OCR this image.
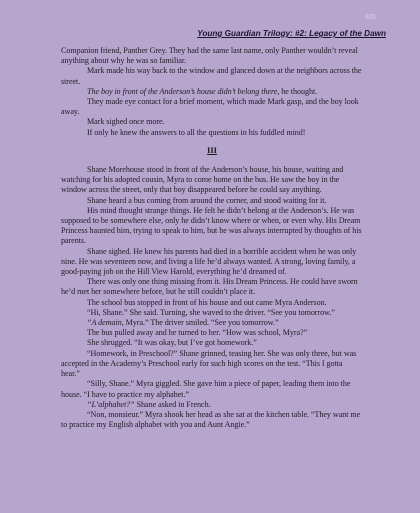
305
Young Guardian Trilogy: #2: Legacy of the Dawn

Companion friend, Panther Grey. They had the same last name, only Panther wouldn’t reveal anything about why he was so familiar.

Mark made his way back to the window and glanced down at the neighbors across the street.

The boy in front of the Anderson’s house didn’t belong there, he thought.

They made eye contact for a brief moment, which made Mark gasp, and the boy look away.

Mark sighed once more.

If only he knew the answers to all the questions in his fuddled mind!

III

Shane Morehouse stood in front of the Anderson’s house, his house, waiting and watching for his adopted cousin, Myra to come home on the bus. He saw the boy in the window across the street, only that boy disappeared before he could say anything.

Shane heard a bus coming from around the corner, and stood waiting for it.

His mind thought strange things. He felt he didn’t belong at the Anderson’s. He was supposed to be somewhere else, only he didn’t know where or when, or even why. His Dream Princess haunted him, trying to speak to him, but he was always interrupted by thoughts of his parents.

Shane sighed. He knew his parents had died in a horrible accident when he was only nine. He was seventeen now, and living a life he’d always wanted. A strong, loving family, a good-paying job on the Hill View Harold, everything he’d dreamed of.

There was only one thing missing from it. His Dream Princess. He could have sworn he’d met her somewhere before, but he still couldn’t place it.

The school bus stopped in front of his house and out came Myra Anderson.

“Hi, Shane.” She said. Turning, she waved to the driver. “See you tomorrow.”

“A demain, Myra.” The driver smiled. “See you tomorrow.”

The bus pulled away and he turned to her. “How was school, Myra?”

She shrugged. “It was okay, but I’ve got homework.”

“Homework, in Preschool?” Shane grinned, teasing her. She was only three, but was accepted in the Academy’s Preschool early for such high scores on the test. “This I gotta hear.”

“Silly, Shane.” Myra giggled. She gave him a piece of paper, leading them into the house. “I have to practice my alphabet.”

“L’alphabet?” Shane asked in French.

“Non, monsieur.” Myra shook her head as she sat at the kitchen table. “They want me to practice my English alphabet with you and Aunt Angie.”
